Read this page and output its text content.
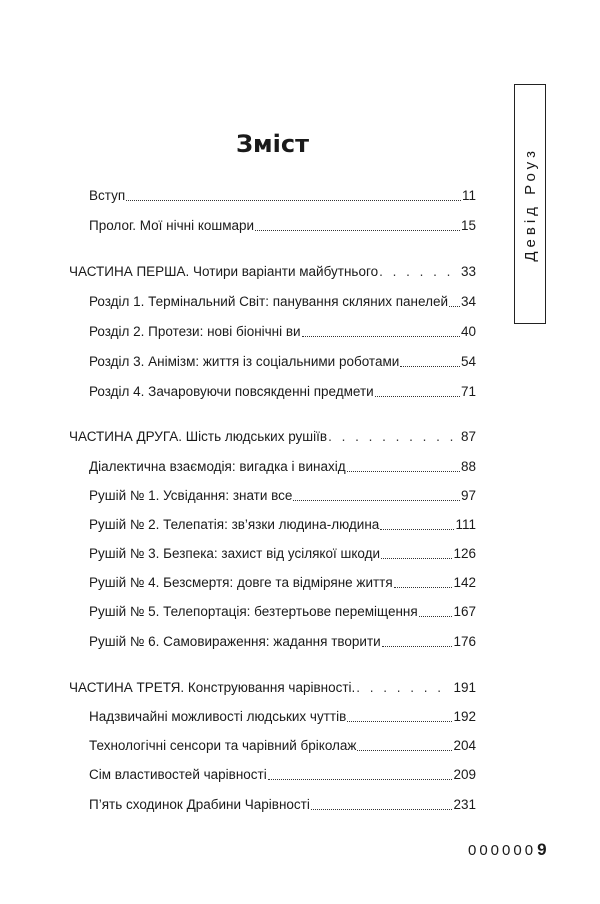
Девід Роуз
Зміст
Вступ	11
Пролог. Мої нічні кошмари	15
ЧАСТИНА ПЕРША. Чотири варіанти майбутнього . . .	33
Розділ 1. Термінальний Світ: панування скляних панелей 34
Розділ 2. Протези: нові біонічні ви	40
Розділ 3. Анімізм: життя із соціальними роботами	54
Розділ 4. Зачаровуючи повсякденні предмети	71
ЧАСТИНА ДРУГА. Шість людських рушіїв . . .	87
Діалектична взаємодія: вигадка і винахід	88
Рушій № 1. Усвідання: знати все	97
Рушій № 2. Телепатія: зв’язки людина-людина	111
Рушій № 3. Безпека: захист від усілякої шкоди	126
Рушій № 4. Безсмертя: довге та відміряне життя	142
Рушій № 5. Телепортація: безтертьове переміщення	167
Рушій № 6. Самовираження: жадання творити	176
ЧАСТИНА ТРЕТЯ. Конструювання чарівності. . . .	191
Надзвичайні можливості людських чуттів	192
Технологічні сенсори та чарівний бріколаж	204
Сім властивостей чарівності	209
П’ять сходинок Драбини Чарівності	231
000000 9
